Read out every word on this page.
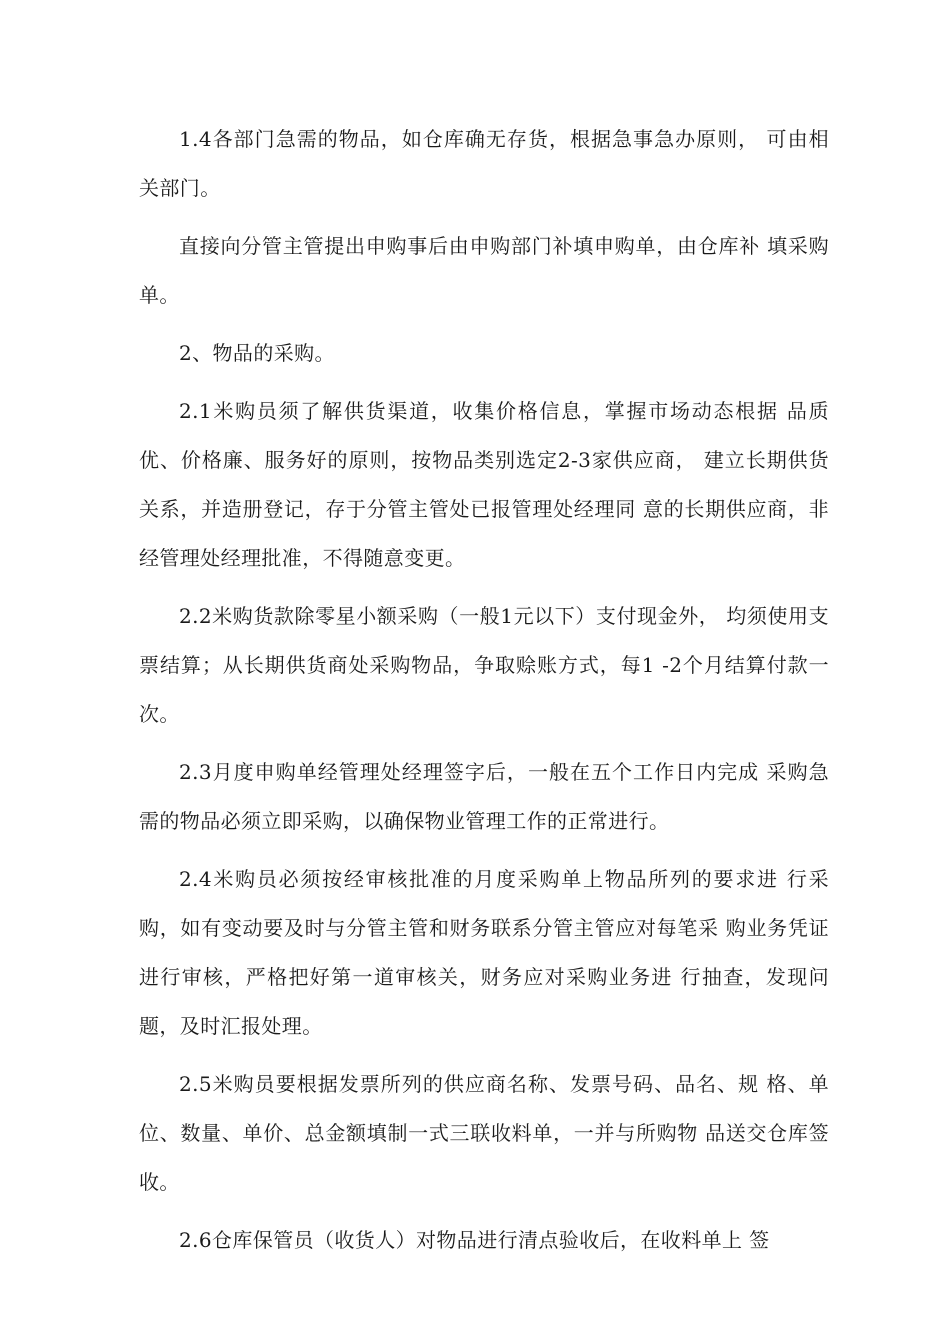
1.4各部门急需的物品，如仓库确无存货，根据急事急办原则， 可由相关部门。

直接向分管主管提出申购事后由申购部门补填申购单，由仓库补 填采购单。

2、物品的采购。

2.1米购员须了解供货渠道，收集价格信息，掌握市场动态根据 品质优、价格廉、服务好的原则，按物品类别选定2-3家供应商， 建立长期供货关系，并造册登记，存于分管主管处已报管理处经理同 意的长期供应商，非经管理处经理批准，不得随意变更。

2.2米购货款除零星小额采购（一般1元以下）支付现金外， 均须使用支票结算；从长期供货商处采购物品，争取赊账方式，每1 -2个月结算付款一次。

2.3月度申购单经管理处经理签字后，一般在五个工作日内完成 采购急需的物品必须立即采购，以确保物业管理工作的正常进行。

2.4米购员必须按经审核批准的月度采购单上物品所列的要求进 行采购，如有变动要及时与分管主管和财务联系分管主管应对每笔采 购业务凭证进行审核，严格把好第一道审核关，财务应对采购业务进 行抽查，发现问题，及时汇报处理。

2.5米购员要根据发票所列的供应商名称、发票号码、品名、规 格、单位、数量、单价、总金额填制一式三联收料单，一并与所购物 品送交仓库签收。

2.6仓库保管员（收货人）对物品进行清点验收后，在收料单上 签
